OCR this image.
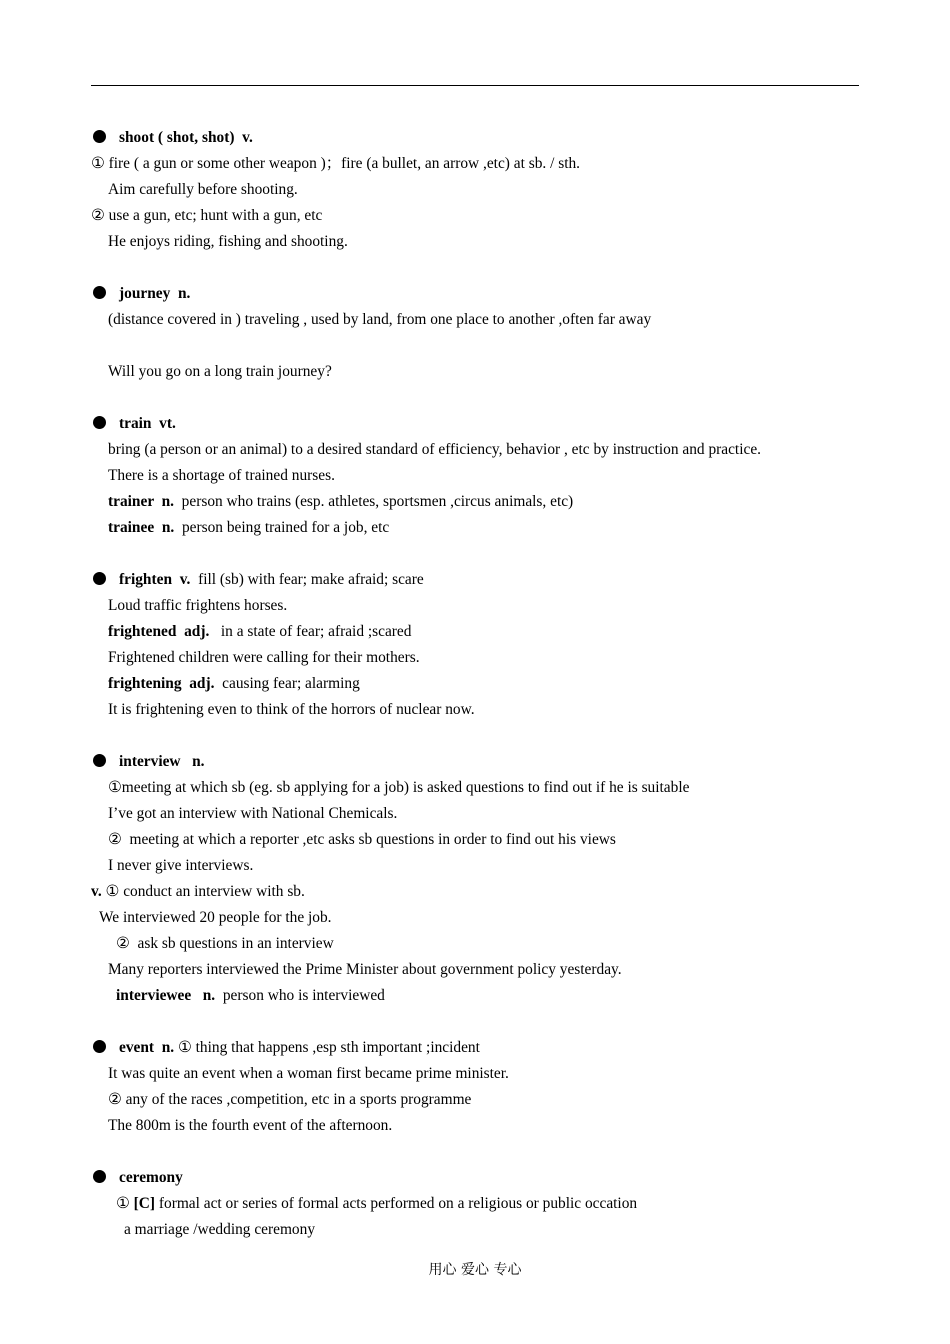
shoot ( shot, shot)  v.
① fire ( a gun or some other weapon )；fire (a bullet, an arrow ,etc) at sb. / sth.
Aim carefully before shooting.
② use a gun, etc; hunt with a gun, etc
He enjoys riding, fishing and shooting.
journey  n.
(distance covered in ) traveling , used by land, from one place to another ,often far away
Will you go on a long train journey?
train  vt.
bring (a person or an animal) to a desired standard of efficiency, behavior , etc by instruction and practice.
There is a shortage of trained nurses.
trainer  n.  person who trains (esp. athletes, sportsmen ,circus animals, etc)
trainee  n.  person being trained for a job, etc
frighten  v.  fill (sb) with fear; make afraid; scare
Loud traffic frightens horses.
frightened  adj.   in a state of fear; afraid ;scared
Frightened children were calling for their mothers.
frightening  adj.  causing fear; alarming
It is frightening even to think of the horrors of nuclear now.
interview   n.
①meeting at which sb (eg. sb applying for a job) is asked questions to find out if he is suitable
I’ve got an interview with National Chemicals.
②  meeting at which a reporter ,etc asks sb questions in order to find out his views
I never give interviews.
v. ① conduct an interview with sb.
We interviewed 20 people for the job.
②  ask sb questions in an interview
Many reporters interviewed the Prime Minister about government policy yesterday.
interviewee   n.  person who is interviewed
event  n. ① thing that happens ,esp sth important ;incident
It was quite an event when a woman first became prime minister.
② any of the races ,competition, etc in a sports programme
The 800m is the fourth event of the afternoon.
ceremony
① [C] formal act or series of formal acts performed on a religious or public occation
a marriage /wedding ceremony
用心 爱心 专心
